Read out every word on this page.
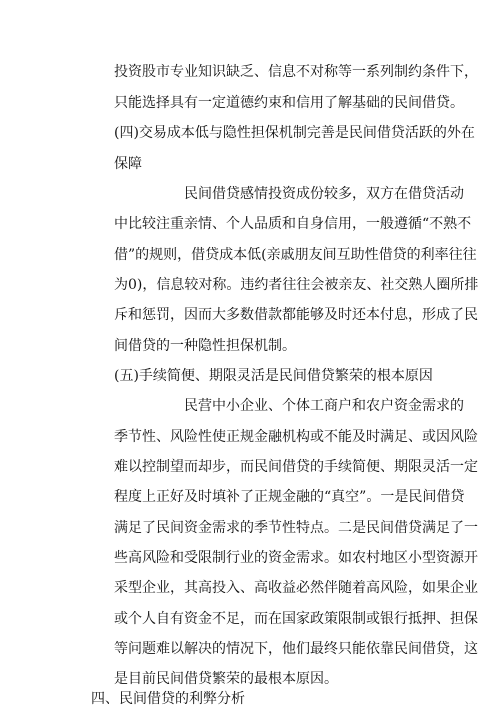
投资股市专业知识缺乏、信息不对称等一系列制约条件下，
只能选择具有一定道德约束和信用了解基础的民间借贷。
(四)交易成本低与隐性担保机制完善是民间借贷活跃的外在
保障
民间借贷感情投资成份较多，双方在借贷活动
中比较注重亲情、个人品质和自身信用，一般遵循“不熟不
借”的规则，借贷成本低(亲戚朋友间互助性借贷的利率往往
为0)，信息较对称。违约者往往会被亲友、社交熟人圈所排
斥和惩罚，因而大多数借款都能够及时还本付息，形成了民
间借贷的一种隐性担保机制。
(五)手续简便、期限灵活是民间借贷繁荣的根本原因
民营中小企业、个体工商户和农户资金需求的
季节性、风险性使正规金融机构或不能及时满足、或因风险
难以控制望而却步，而民间借贷的手续简便、期限灵活一定
程度上正好及时填补了正规金融的“真空”。一是民间借贷
满足了民间资金需求的季节性特点。二是民间借贷满足了一
些高风险和受限制行业的资金需求。如农村地区小型资源开
采型企业，其高投入、高收益必然伴随着高风险，如果企业
或个人自有资金不足，而在国家政策限制或银行抵押、担保
等问题难以解决的情况下，他们最终只能依靠民间借贷，这
是目前民间借贷繁荣的最根本原因。
四、民间借贷的利弊分析
